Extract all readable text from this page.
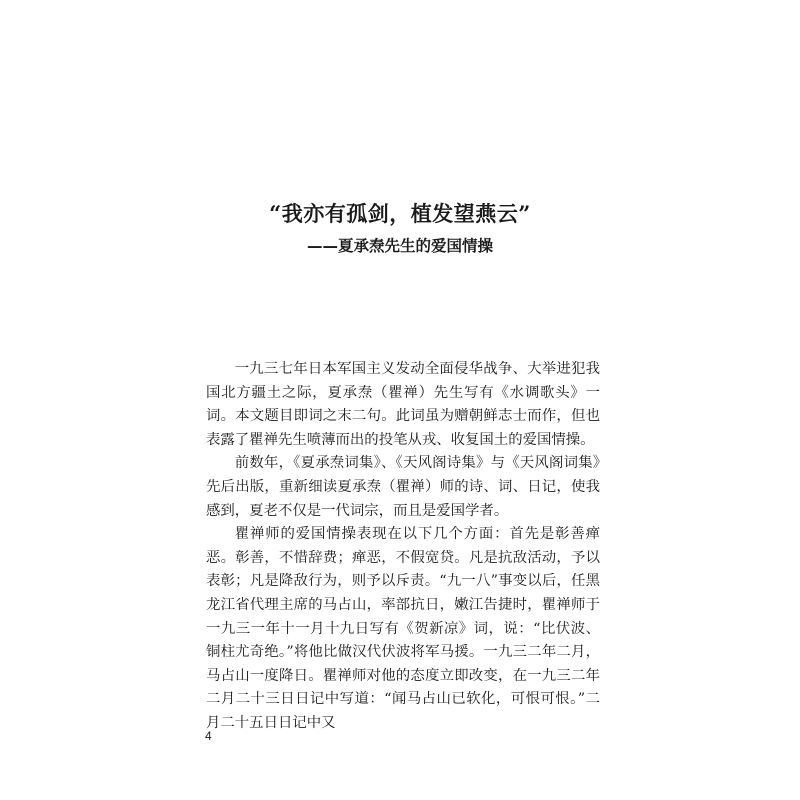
“我亦有孤剑，植发望燕云”
——夏承焘先生的爱国情操

一九三七年日本军国主义发动全面侵华战争、大举进犯我国北方疆土之际，夏承焘（瞿禅）先生写有《水调歌头》一词。本文题目即词之末二句。此词虽为赠朝鲜志士而作，但也表露了瞿禅先生喷薄而出的投笔从戎、收复国土的爱国情操。

前数年，《夏承焘词集》、《天风阁诗集》与《天风阁词集》先后出版，重新细读夏承焘（瞿禅）师的诗、词、日记，使我感到，夏老不仅是一代词宗，而且是爱国学者。

瞿禅师的爱国情操表现在以下几个方面：首先是彰善瘅恶。彰善，不惜辞费；瘅恶，不假宽贷。凡是抗敌活动，予以表彰；凡是降敌行为，则予以斥责。“九一八”事变以后，任黑龙江省代理主席的马占山，率部抗日，嫩江告捷时，瞿禅师于一九三一年十一月十九日写有《贺新凉》词，说：“比伏波、铜柱尤奇绝。”将他比做汉代伏波将军马援。一九三二年二月，马占山一度降日。瞿禅师对他的态度立即改变，在一九三二年二月二十三日日记中写道：“闻马占山已软化，可恨可恨。”二月二十五日日记中又

4
